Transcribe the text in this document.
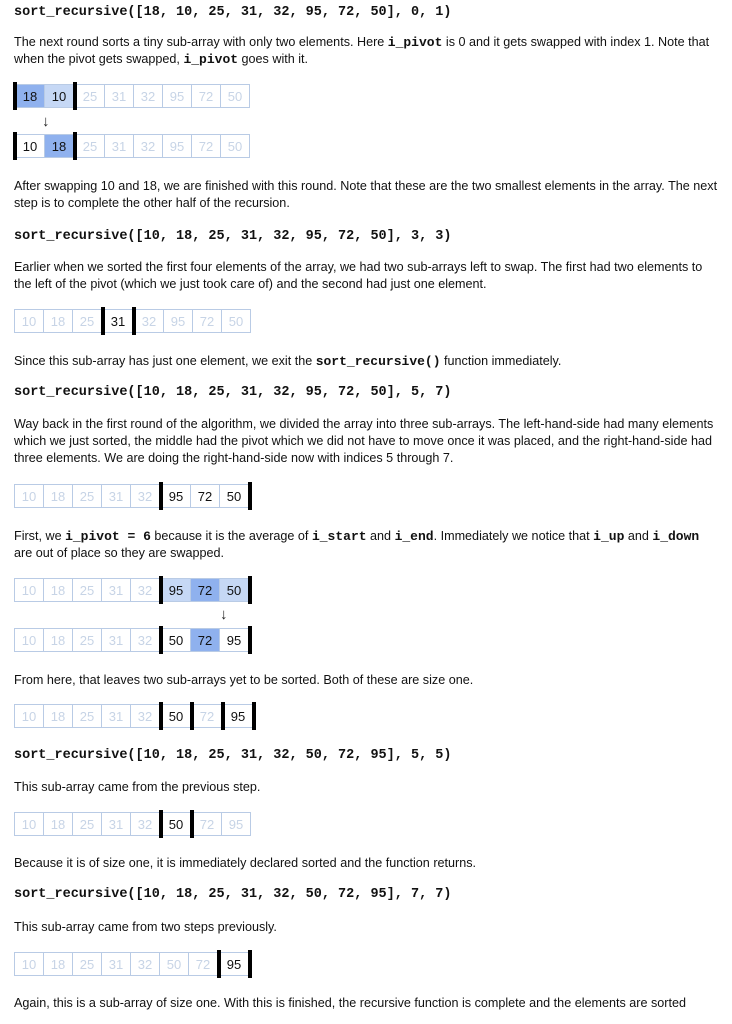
sort_recursive([18, 10, 25, 31, 32, 95, 72, 50], 0, 1)
The next round sorts a tiny sub-array with only two elements. Here i_pivot is 0 and it gets swapped with index 1. Note that when the pivot gets swapped, i_pivot goes with it.
18	10	25	31	32	95	72	50
↓
10	18	25	31	32	95	72	50
After swapping 10 and 18, we are finished with this round. Note that these are the two smallest elements in the array. The next step is to complete the other half of the recursion.
sort_recursive([10, 18, 25, 31, 32, 95, 72, 50], 3, 3)
Earlier when we sorted the first four elements of the array, we had two sub-arrays left to swap. The first had two elements to the left of the pivot (which we just took care of) and the second had just one element.
10	18	25	31	32	95	72	50
Since this sub-array has just one element, we exit the sort_recursive() function immediately.
sort_recursive([10, 18, 25, 31, 32, 95, 72, 50], 5, 7)
Way back in the first round of the algorithm, we divided the array into three sub-arrays. The left-hand-side had many elements which we just sorted, the middle had the pivot which we did not have to move once it was placed, and the right-hand-side had three elements. We are doing the right-hand-side now with indices 5 through 7.
10	18	25	31	32	95	72	50
First, we i_pivot = 6 because it is the average of i_start and i_end. Immediately we notice that i_up and i_down are out of place so they are swapped.
10	18	25	31	32	95	72	50
↓
10	18	25	31	32	50	72	95
From here, that leaves two sub-arrays yet to be sorted. Both of these are size one.
10	18	25	31	32	50	72	95
sort_recursive([10, 18, 25, 31, 32, 50, 72, 95], 5, 5)
This sub-array came from the previous step.
10	18	25	31	32	50	72	95
Because it is of size one, it is immediately declared sorted and the function returns.
sort_recursive([10, 18, 25, 31, 32, 50, 72, 95], 7, 7)
This sub-array came from two steps previously.
10	18	25	31	32	50	72	95
Again, this is a sub-array of size one. With this is finished, the recursive function is complete and the elements are sorted
